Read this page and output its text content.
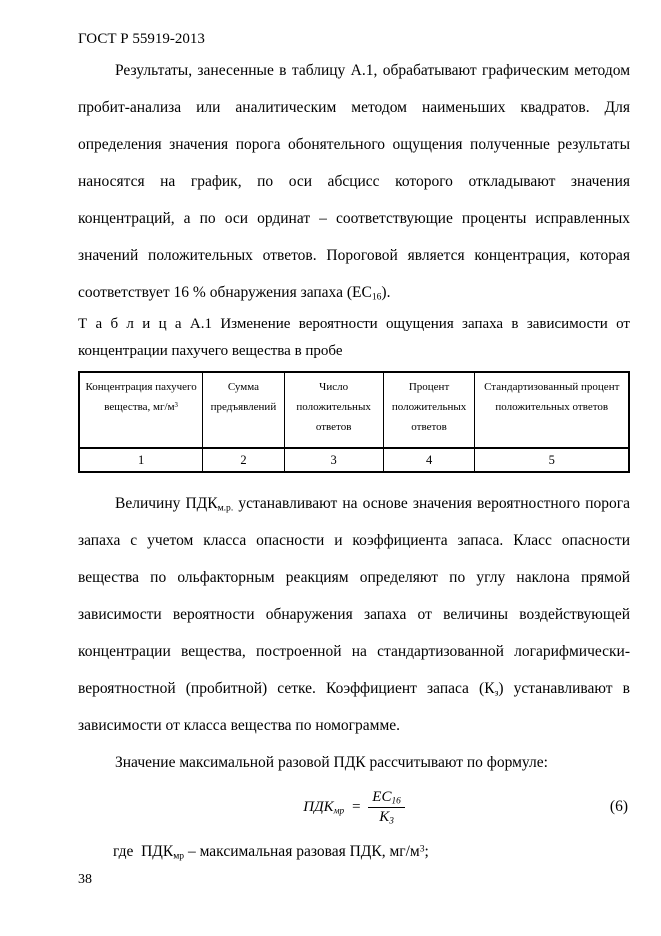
ГОСТ Р 55919-2013

Результаты, занесенные в таблицу А.1, обрабатывают графическим методом пробит-анализа или аналитическим методом наименьших квадратов. Для определения значения порога обонятельного ощущения полученные результаты наносятся на график, по оси абсцисс которого откладывают значения концентраций, а по оси ординат – соответствующие проценты исправленных значений положительных ответов. Пороговой является концентрация, которая соответствует 16 % обнаружения запаха $(ЕС_{16})$.

Т а б л и ц а А.1 Изменение вероятности ощущения запаха в зависимости от концентрации пахучего вещества в пробе

Концентрация пахучего вещества, $мг/м^3$	Сумма предъявлений	Число положительных ответов	Процент положительных ответов	Стандартизованный процент положительных ответов
1	2	3	4	5

Величину $ПДК_{м.р.}$ устанавливают на основе значения вероятностного порога запаха с учетом класса опасности и коэффициента запаса. Класс опасности вещества по ольфакторным реакциям определяют по углу наклона прямой зависимости вероятности обнаружения запаха от величины воздействующей концентрации вещества, построенной на стандартизованной логарифмически-вероятностной (пробитной) сетке. Коэффициент запаса $(К_з)$ устанавливают в зависимости от класса вещества по номограмме.

Значение максимальной разовой ПДК рассчитывают по формуле:

$ПДК_{мр} = \frac{ЕС_{16}}{К_3}$	(6)

где  $ПДК_{мр}$ – максимальная разовая ПДК, $мг/м^3$;

38
